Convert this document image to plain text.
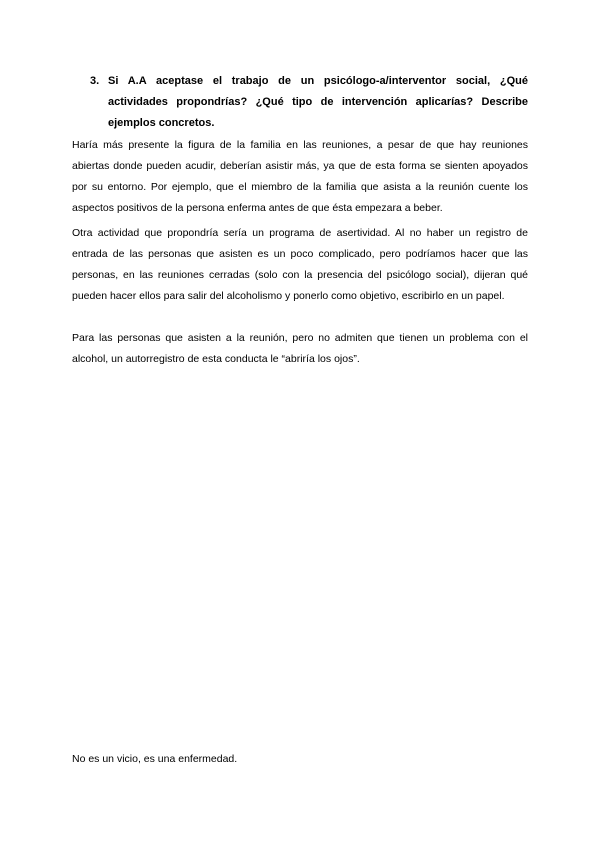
3. Si A.A aceptase el trabajo de un psicólogo-a/interventor social, ¿Qué actividades propondrías? ¿Qué tipo de intervención aplicarías? Describe ejemplos concretos.

Haría más presente la figura de la familia en las reuniones, a pesar de que hay reuniones abiertas donde pueden acudir, deberían asistir más, ya que de esta forma se sienten apoyados por su entorno. Por ejemplo, que el miembro de la familia que asista a la reunión cuente los aspectos positivos de la persona enferma antes de que ésta empezara a beber.

Otra actividad que propondría sería un programa de asertividad. Al no haber un registro de entrada de las personas que asisten es un poco complicado, pero podríamos hacer que las personas, en las reuniones cerradas (solo con la presencia del psicólogo social), dijeran qué pueden hacer ellos para salir del alcoholismo y ponerlo como objetivo, escribirlo en un papel.

Para las personas que asisten a la reunión, pero no admiten que tienen un problema con el alcohol, un autorregistro de esta conducta le “abriría los ojos”.

No es un vicio, es una enfermedad.
